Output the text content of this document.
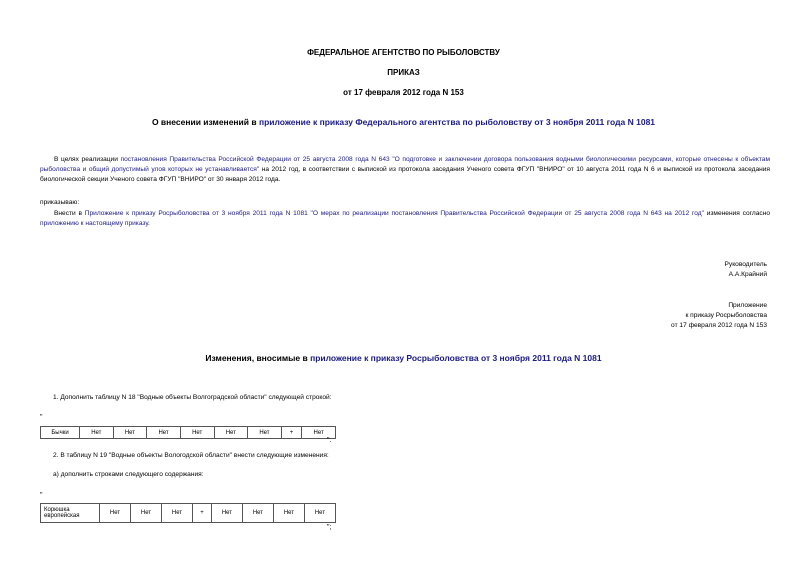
ФЕДЕРАЛЬНОЕ АГЕНТСТВО ПО РЫБОЛОВСТВУ
ПРИКАЗ
от 17 февраля 2012 года N 153
О внесении изменений в приложение к приказу Федерального агентства по рыболовству от 3 ноября 2011 года N 1081
В целях реализации постановления Правительства Российской Федерации от 25 августа 2008 года N 643 "О подготовке и заключении договора пользования водными биологическими ресурсами, которые отнесены к объектам рыболовства и общий допустимый улов которых не устанавливается" на 2012 год, в соответствии с выпиской из протокола заседания Ученого совета ФГУП "ВНИРО" от 10 августа 2011 года N 6 и выпиской из протокола заседания биологической секции Ученого совета ФГУП "ВНИРО" от 30 января 2012 года.
приказываю:
Внести в Приложение к приказу Росрыболовства от 3 ноября 2011 года N 1081 "О мерах по реализации постановления Правительства Российской Федерации от 25 августа 2008 года N 643 на 2012 год" изменения согласно приложению к настоящему приказу.
Руководитель
А.А.Крайний
Приложение
к приказу Росрыболовства
от 17 февраля 2012 года N 153
Изменения, вносимые в приложение к приказу Росрыболовства от 3 ноября 2011 года N 1081
1. Дополнить таблицу N 18 "Водные объекты Волгоградской области" следующей строкой:
"
Бычки	Нет	Нет	Нет	Нет	Нет	Нет	+	Нет
".
2. В таблицу N 19 "Водные объекты Вологодской области" внести следующие изменения:
а) дополнить строками следующего содержания:
"
Корюшка европейская	Нет	Нет	Нет	+	Нет	Нет	Нет	Нет
";
